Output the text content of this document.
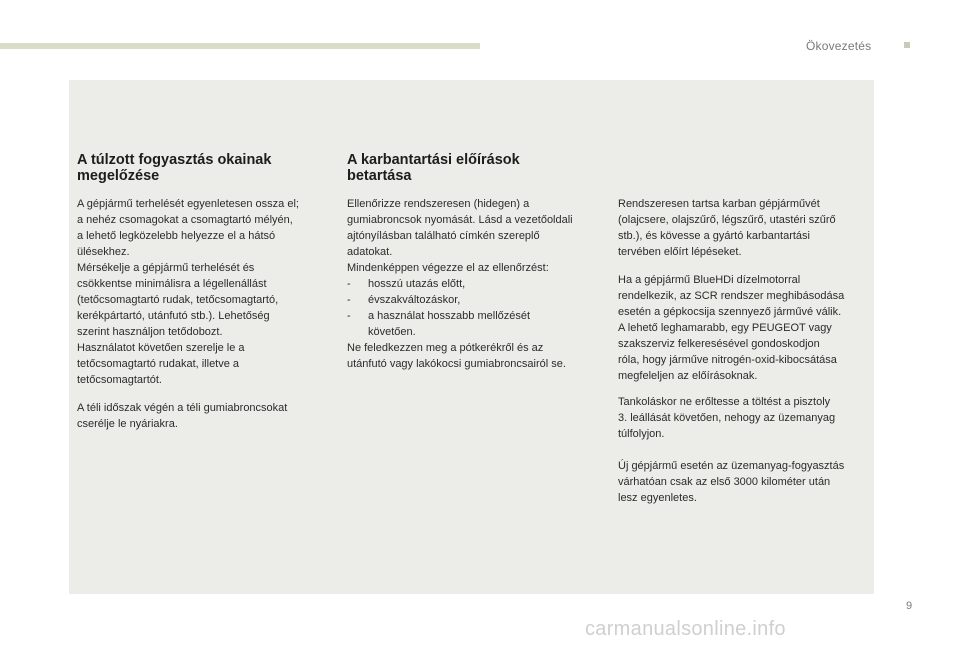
Ökovezetés
A túlzott fogyasztás okainak
megelőzése

A gépjármű terhelését egyenletesen ossza el;
a nehéz csomagokat a csomagtartó mélyén,
a lehető legközelebb helyezze el a hátsó
ülésekhez.
Mérsékelje a gépjármű terhelését és
csökkentse minimálisra a légellenállást
(tetőcsomagtartó rudak, tetőcsomagtartó,
kerékpártartó, utánfutó stb.). Lehetőség
szerint használjon tetődobozt.
Használatot követően szerelje le a
tetőcsomagtartó rudakat, illetve a
tetőcsomagtartót.

A téli időszak végén a téli gumiabroncsokat
cserélje le nyáriakra.

A karbantartási előírások
betartása

Ellenőrizze rendszeresen (hidegen) a
gumiabroncsok nyomását. Lásd a vezetőoldali
ajtónyílásban található címkén szereplő
adatokat.
Mindenképpen végezze el az ellenőrzést:

- hosszú utazás előtt,
- évszakváltozáskor,
- a használat hosszabb mellőzését
követően.

Ne feledkezzen meg a pótkerékről és az
utánfutó vagy lakókocsi gumiabroncsairól se.

Rendszeresen tartsa karban gépjárművét
(olajcsere, olajszűrő, légszűrő, utastéri szűrő
stb.), és kövesse a gyártó karbantartási
tervében előírt lépéseket.

Ha a gépjármű BlueHDi dízelmotorral
rendelkezik, az SCR rendszer meghibásodása
esetén a gépkocsija szennyező járművé válik.
A lehető leghamarabb, egy PEUGEOT vagy
szakszerviz felkeresésével gondoskodjon
róla, hogy járműve nitrogén-oxid-kibocsátása
megfeleljen az előírásoknak.

Tankoláskor ne erőltesse a töltést a pisztoly
3. leállását követően, nehogy az üzemanyag
túlfolyjon.

Új gépjármű esetén az üzemanyag-fogyasztás
várhatóan csak az első 3000 kilométer után
lesz egyenletes.

9
carmanualsonline.info
